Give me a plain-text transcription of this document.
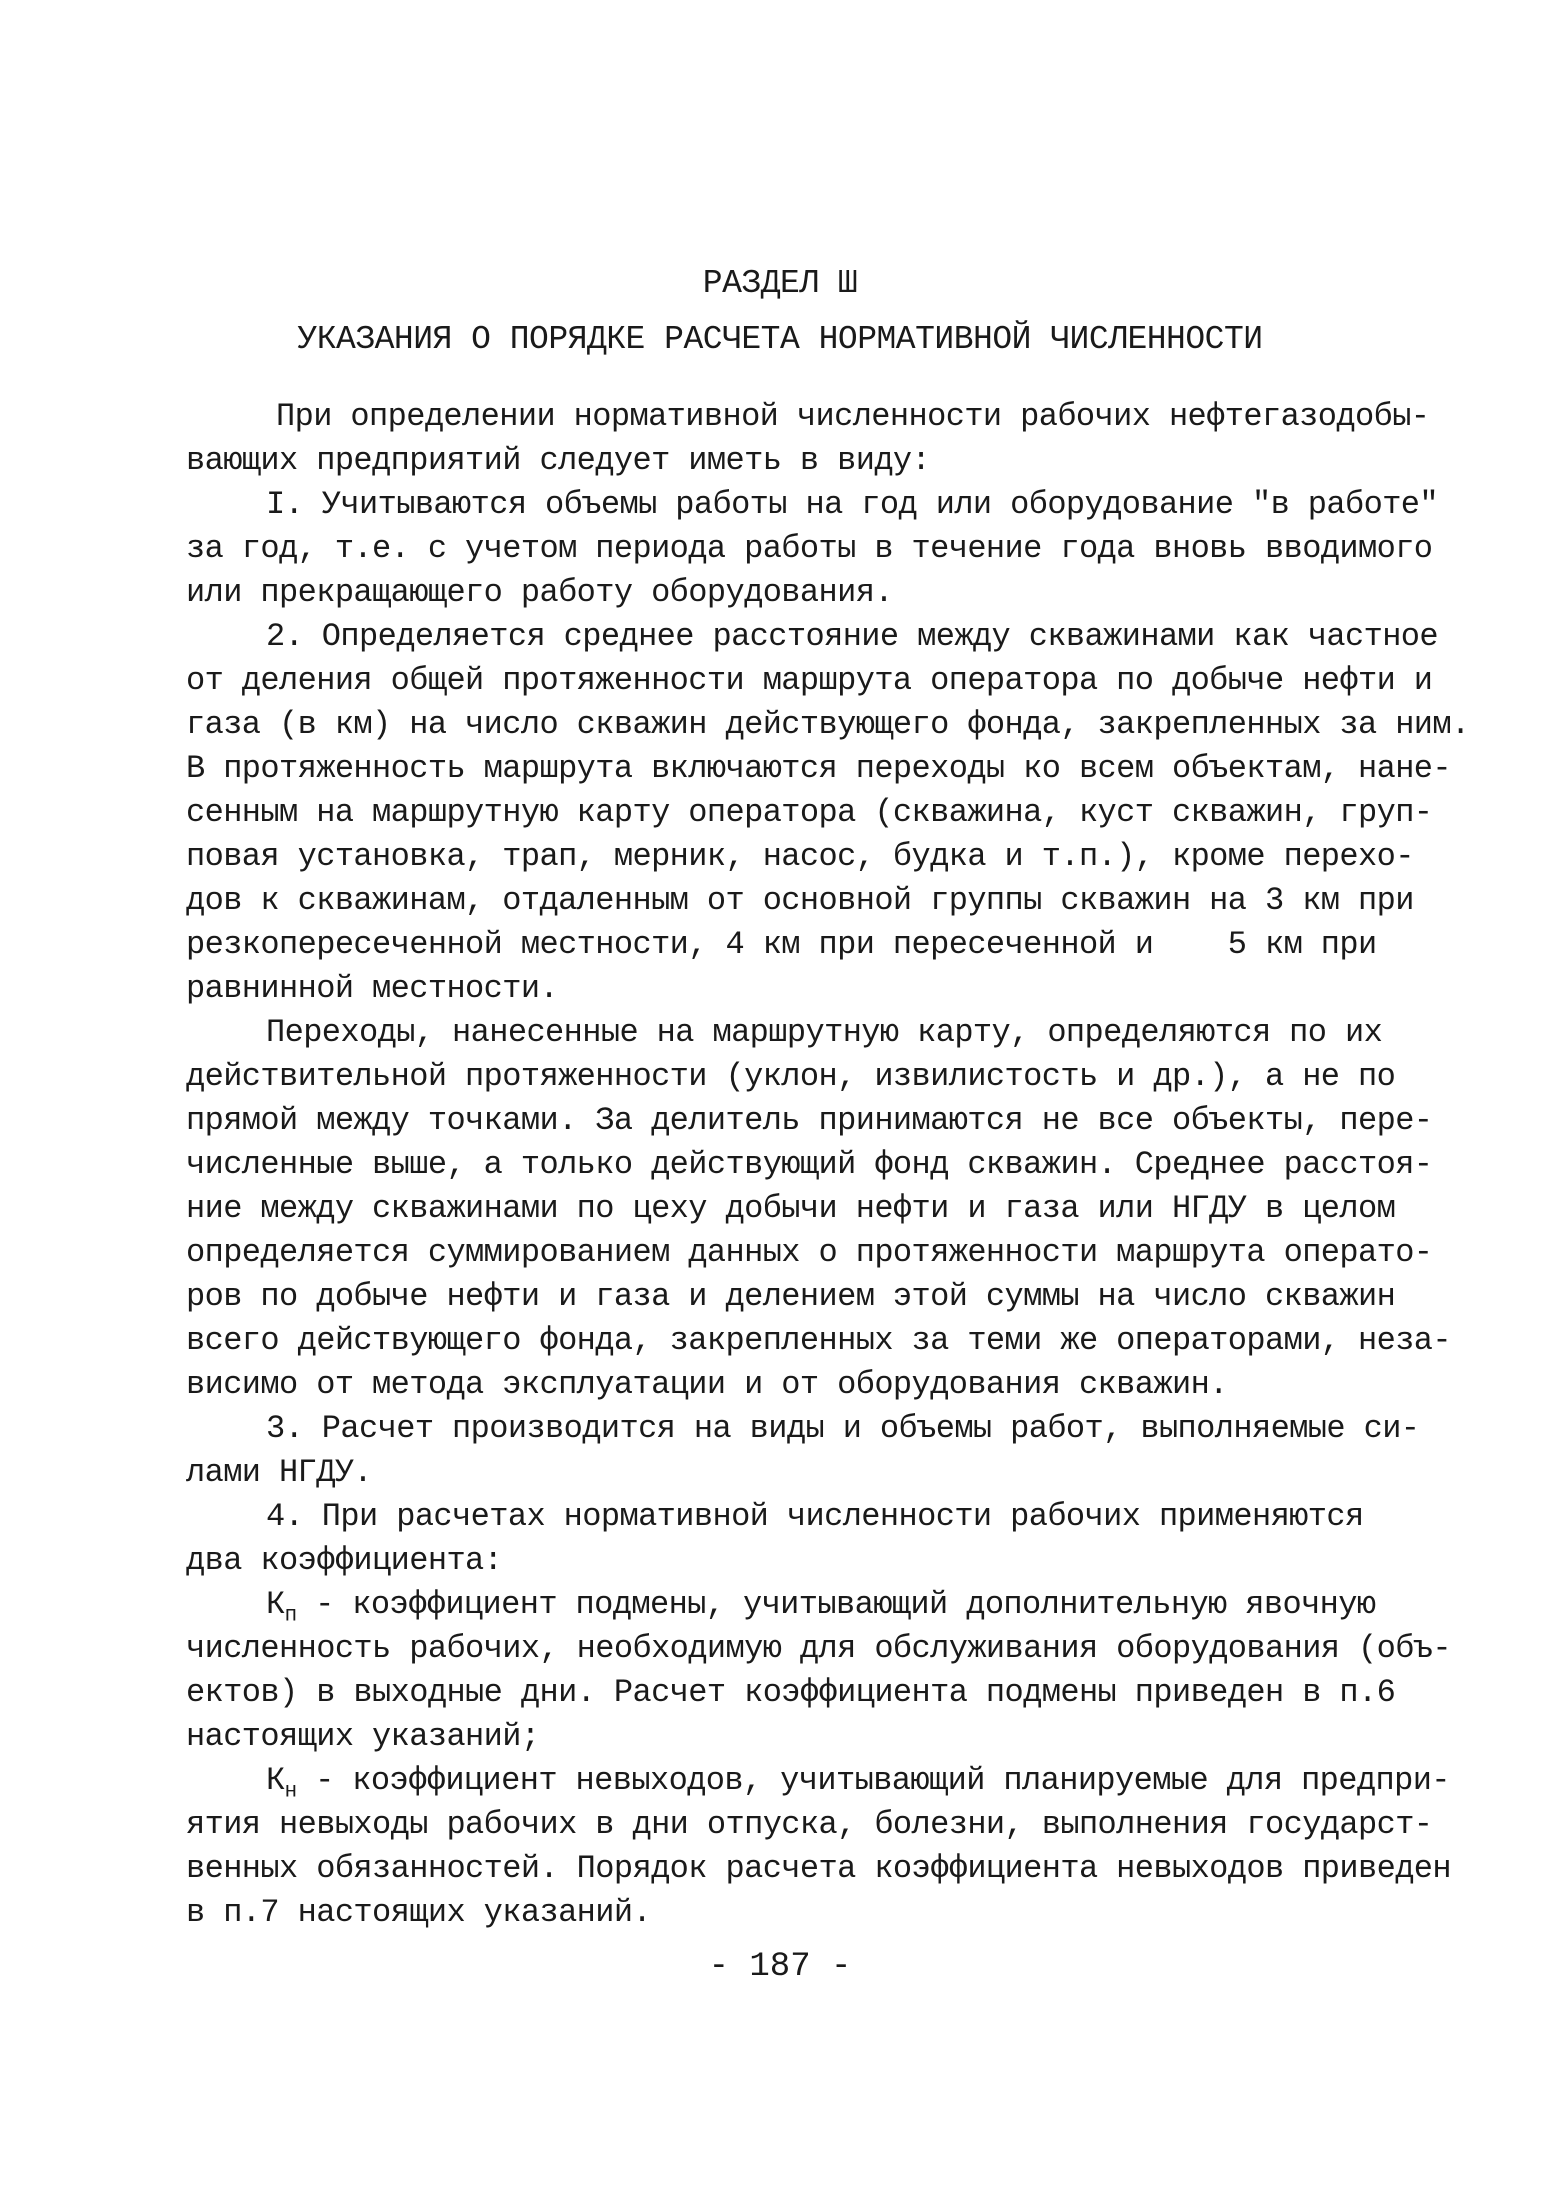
РАЗДЕЛ Ш
УКАЗАНИЯ О ПОРЯДКЕ РАСЧЕТА НОРМАТИВНОЙ ЧИСЛЕННОСТИ
При определении нормативной численности рабочих нефтегазодобы-
вающих предприятий следует иметь в виду:
I. Учитываются объемы работы на год или оборудование "в работе"
за год, т.е. с учетом периода работы в течение года вновь вводимого
или прекращающего работу оборудования.
2. Определяется среднее расстояние между скважинами как частное
от деления общей протяженности маршрута оператора по добыче нефти и
газа (в км) на число скважин действующего фонда, закрепленных за ним.
В протяженность маршрута включаются переходы ко всем объектам, нане-
сенным на маршрутную карту оператора (скважина, куст скважин, груп-
повая установка, трап, мерник, насос, будка и т.п.), кроме перехо-
дов к скважинам, отдаленным от основной группы скважин на 3 км при
резкопересеченной местности, 4 км при пересеченной и    5 км при
равнинной местности.
Переходы, нанесенные на маршрутную карту, определяются по их
действительной протяженности (уклон, извилистость и др.), а не по
прямой между точками. За делитель принимаются не все объекты, пере-
численные выше, а только действующий фонд скважин. Среднее расстоя-
ние между скважинами по цеху добычи нефти и газа или НГДУ в целом
определяется суммированием данных о протяженности маршрута операто-
ров по добыче нефти и газа и делением этой суммы на число скважин
всего действующего фонда, закрепленных за теми же операторами, неза-
висимо от метода эксплуатации и от оборудования скважин.
3. Расчет производится на виды и объемы работ, выполняемые си-
лами НГДУ.
4. При расчетах нормативной численности рабочих применяются
два коэффициента:
$К_п$ - коэффициент подмены, учитывающий дополнительную явочную
численность рабочих, необходимую для обслуживания оборудования (объ-
ектов) в выходные дни. Расчет коэффициента подмены приведен в п.6
настоящих указаний;
$К_н$ - коэффициент невыходов, учитывающий планируемые для предпри-
ятия невыходы рабочих в дни отпуска, болезни, выполнения государст-
венных обязанностей. Порядок расчета коэффициента невыходов приведен
в п.7 настоящих указаний.
- 187 -
